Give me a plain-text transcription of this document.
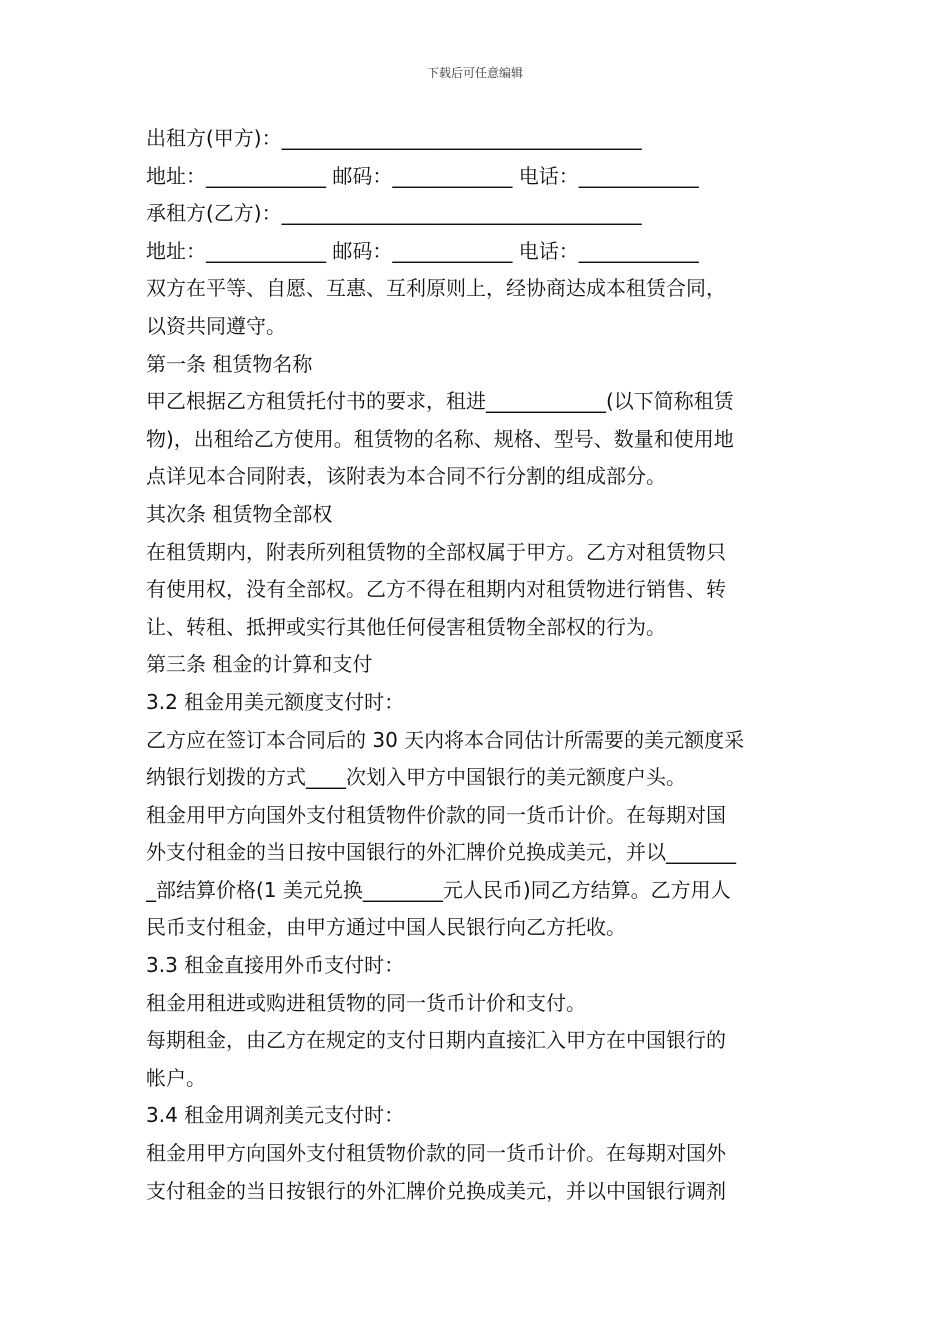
下载后可任意编辑
出租方(甲方)：____________________________________
地址：____________ 邮码：____________ 电话：____________
承租方(乙方)：____________________________________
地址：____________ 邮码：____________ 电话：____________
双方在平等、自愿、互惠、互利原则上，经协商达成本租赁合同，
以资共同遵守。
第一条 租赁物名称
甲乙根据乙方租赁托付书的要求，租进____________(以下简称租赁
物)，出租给乙方使用。租赁物的名称、规格、型号、数量和使用地
点详见本合同附表，该附表为本合同不行分割的组成部分。
其次条 租赁物全部权
在租赁期内，附表所列租赁物的全部权属于甲方。乙方对租赁物只
有使用权，没有全部权。乙方不得在租期内对租赁物进行销售、转
让、转租、抵押或实行其他任何侵害租赁物全部权的行为。
第三条 租金的计算和支付
3.2 租金用美元额度支付时：
乙方应在签订本合同后的 30 天内将本合同估计所需要的美元额度采
纳银行划拨的方式____次划入甲方中国银行的美元额度户头。
租金用甲方向国外支付租赁物件价款的同一货币计价。在每期对国
外支付租金的当日按中国银行的外汇牌价兑换成美元，并以_______
_部结算价格(1 美元兑换________元人民币)同乙方结算。乙方用人
民币支付租金，由甲方通过中国人民银行向乙方托收。
3.3 租金直接用外币支付时：
租金用租进或购进租赁物的同一货币计价和支付。
每期租金，由乙方在规定的支付日期内直接汇入甲方在中国银行的
帐户。
3.4 租金用调剂美元支付时：
租金用甲方向国外支付租赁物价款的同一货币计价。在每期对国外
支付租金的当日按银行的外汇牌价兑换成美元，并以中国银行调剂
